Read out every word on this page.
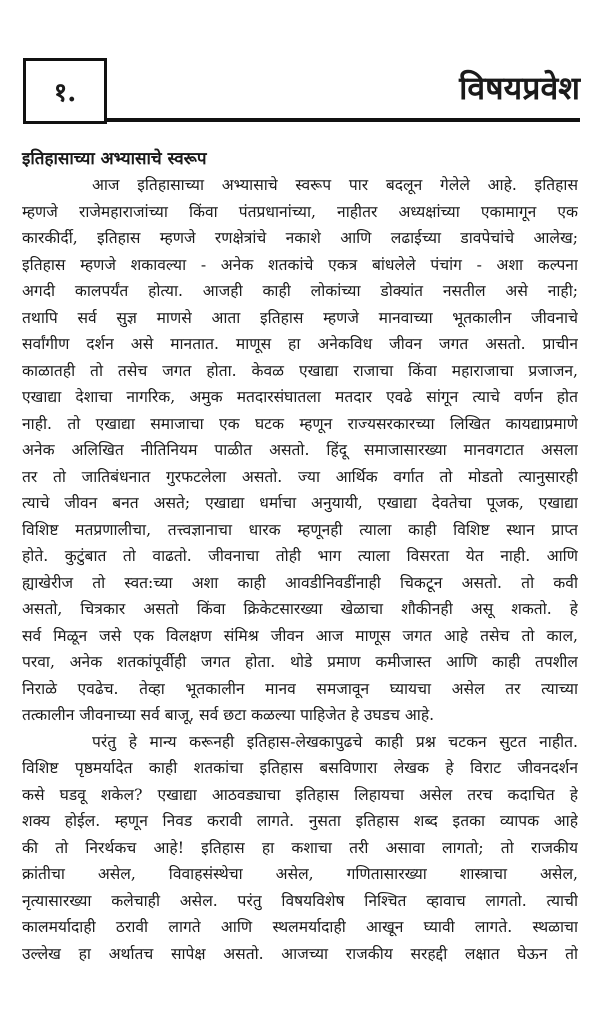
१.	विषयप्रवेश
इतिहासाच्या अभ्यासाचे स्वरूप
आज इतिहासाच्या अभ्यासाचे स्वरूप पार बदलून गेलेले आहे. इतिहास
म्हणजे राजेमहाराजांच्या किंवा पंतप्रधानांच्या, नाहीतर अध्यक्षांच्या एकामागून एक
कारकीर्दी, इतिहास म्हणजे रणक्षेत्रांचे नकाशे आणि लढाईच्या डावपेचांचे आलेख;
इतिहास म्हणजे शकावल्या - अनेक शतकांचे एकत्र बांधलेले पंचांग - अशा कल्पना
अगदी कालपर्यंत होत्या. आजही काही लोकांच्या डोक्यांत नसतील असे नाही;
तथापि सर्व सुज्ञ माणसे आता इतिहास म्हणजे मानवाच्या भूतकालीन जीवनाचे
सर्वांगीण दर्शन असे मानतात. माणूस हा अनेकविध जीवन जगत असतो. प्राचीन
काळातही तो तसेच जगत होता. केवळ एखाद्या राजाचा किंवा महाराजाचा प्रजाजन,
एखाद्या देशाचा नागरिक, अमुक मतदारसंघातला मतदार एवढे सांगून त्याचे वर्णन होत
नाही. तो एखाद्या समाजाचा एक घटक म्हणून राज्यसरकारच्या लिखित कायद्याप्रमाणे
अनेक अलिखित नीतिनियम पाळीत असतो. हिंदू समाजासारख्या मानवगटात असला
तर तो जातिबंधनात गुरफटलेला असतो. ज्या आर्थिक वर्गात तो मोडतो त्यानुसारही
त्याचे जीवन बनत असते; एखाद्या धर्माचा अनुयायी, एखाद्या देवतेचा पूजक, एखाद्या
विशिष्ट मतप्रणालीचा, तत्त्वज्ञानाचा धारक म्हणूनही त्याला काही विशिष्ट स्थान प्राप्त
होते. कुटुंबात तो वाढतो. जीवनाचा तोही भाग त्याला विसरता येत नाही. आणि
ह्याखेरीज तो स्वत:च्या अशा काही आवडीनिवडींनाही चिकटून असतो. तो कवी
असतो, चित्रकार असतो किंवा क्रिकेटसारख्या खेळाचा शौकीनही असू शकतो. हे
सर्व मिळून जसे एक विलक्षण संमिश्र जीवन आज माणूस जगत आहे तसेच तो काल,
परवा, अनेक शतकांपूर्वीही जगत होता. थोडे प्रमाण कमीजास्त आणि काही तपशील
निराळे एवढेच. तेव्हा भूतकालीन मानव समजावून घ्यायचा असेल तर त्याच्या
तत्कालीन जीवनाच्या सर्व बाजू, सर्व छटा कळल्या पाहिजेत हे उघडच आहे.
परंतु हे मान्य करूनही इतिहास-लेखकापुढचे काही प्रश्न चटकन सुटत नाहीत.
विशिष्ट पृष्ठमर्यादेत काही शतकांचा इतिहास बसविणारा लेखक हे विराट जीवनदर्शन
कसे घडवू शकेल? एखाद्या आठवड्याचा इतिहास लिहायचा असेल तरच कदाचित हे
शक्य होईल. म्हणून निवड करावी लागते. नुसता इतिहास शब्द इतका व्यापक आहे
की तो निरर्थकच आहे! इतिहास हा कशाचा तरी असावा लागतो; तो राजकीय
क्रांतीचा असेल, विवाहसंस्थेचा असेल, गणितासारख्या शास्त्राचा असेल,
नृत्यासारख्या कलेचाही असेल. परंतु विषयविशेष निश्चित व्हावाच लागतो. त्याची
कालमर्यादाही ठरावी लागते आणि स्थलमर्यादाही आखून घ्यावी लागते. स्थळाचा
उल्लेख हा अर्थातच सापेक्ष असतो. आजच्या राजकीय सरहद्दी लक्षात घेऊन तो
